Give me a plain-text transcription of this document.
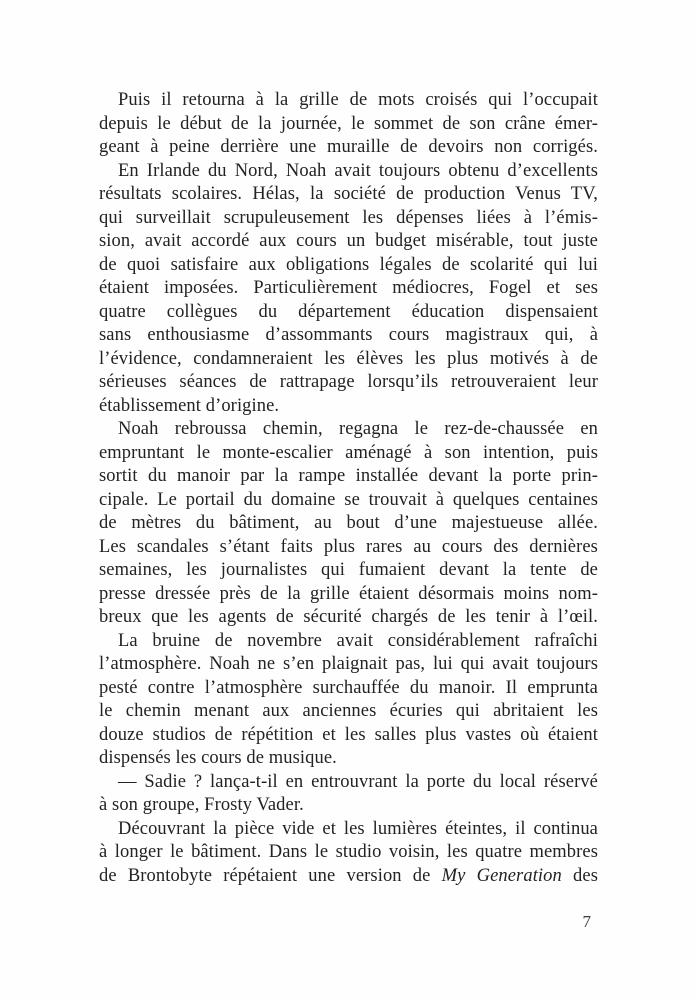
Puis il retourna à la grille de mots croisés qui l’occupait
depuis le début de la journée, le sommet de son crâne émer-
geant à peine derrière une muraille de devoirs non corrigés.
En Irlande du Nord, Noah avait toujours obtenu d’excellents
résultats scolaires. Hélas, la société de production Venus TV,
qui surveillait scrupuleusement les dépenses liées à l’émis-
sion, avait accordé aux cours un budget misérable, tout juste
de quoi satisfaire aux obligations légales de scolarité qui lui
étaient imposées. Particulièrement médiocres, Fogel et ses
quatre collègues du département éducation dispensaient
sans enthousiasme d’assommants cours magistraux qui, à
l’évidence, condamneraient les élèves les plus motivés à de
sérieuses séances de rattrapage lorsqu’ils retrouveraient leur
établissement d’origine.
Noah rebroussa chemin, regagna le rez-de-chaussée en
empruntant le monte-escalier aménagé à son intention, puis
sortit du manoir par la rampe installée devant la porte prin-
cipale. Le portail du domaine se trouvait à quelques centaines
de mètres du bâtiment, au bout d’une majestueuse allée.
Les scandales s’étant faits plus rares au cours des dernières
semaines, les journalistes qui fumaient devant la tente de
presse dressée près de la grille étaient désormais moins nom-
breux que les agents de sécurité chargés de les tenir à l’œil.
La bruine de novembre avait considérablement rafraîchi
l’atmosphère. Noah ne s’en plaignait pas, lui qui avait toujours
pesté contre l’atmosphère surchauffée du manoir. Il emprunta
le chemin menant aux anciennes écuries qui abritaient les
douze studios de répétition et les salles plus vastes où étaient
dispensés les cours de musique.
— Sadie ? lança-t-il en entrouvrant la porte du local réservé
à son groupe, Frosty Vader.
Découvrant la pièce vide et les lumières éteintes, il continua
à longer le bâtiment. Dans le studio voisin, les quatre membres
de Brontobyte répétaient une version de My Generation des
7
